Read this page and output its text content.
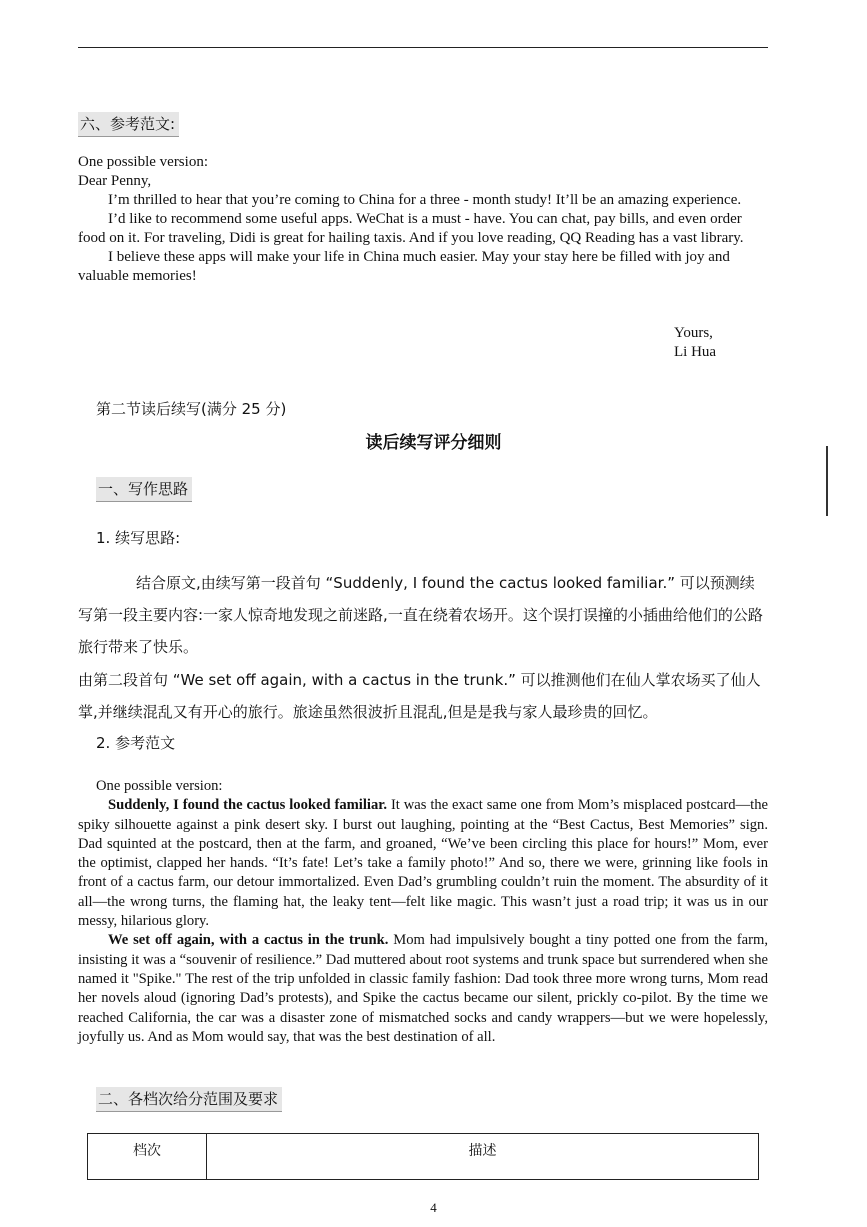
六、参考范文:
One possible version:
Dear Penny,
I’m thrilled to hear that you’re coming to China for a three - month study! It’ll be an amazing experience.
I’d like to recommend some useful apps. WeChat is a must - have. You can chat, pay bills, and even order food on it. For traveling, Didi is great for hailing taxis. And if you love reading, QQ Reading has a vast library.
I believe these apps will make your life in China much easier. May your stay here be filled with joy and valuable memories!
Yours,
Li Hua
第二节读后续写(满分 25 分)
读后续写评分细则
一、写作思路
1. 续写思路:
结合原文,由续写第一段首句 “Suddenly, I found the cactus looked familiar.” 可以预测续写第一段主要内容:一家人惊奇地发现之前迷路,一直在绕着农场开。这个误打误撞的小插曲给他们的公路旅行带来了快乐。
由第二段首句 “We set off again, with a cactus in the trunk.” 可以推测他们在仙人掌农场买了仙人掌,并继续混乱又有开心的旅行。旅途虽然很波折且混乱,但是是我与家人最珍贵的回忆。
2. 参考范文
One possible version:
Suddenly, I found the cactus looked familiar. It was the exact same one from Mom’s misplaced postcard—the spiky silhouette against a pink desert sky. I burst out laughing, pointing at the “Best Cactus, Best Memories” sign. Dad squinted at the postcard, then at the farm, and groaned, “We’ve been circling this place for hours!” Mom, ever the optimist, clapped her hands. “It’s fate! Let’s take a family photo!” And so, there we were, grinning like fools in front of a cactus farm, our detour immortalized. Even Dad’s grumbling couldn’t ruin the moment. The absurdity of it all—the wrong turns, the flaming hat, the leaky tent—felt like magic. This wasn’t just a road trip; it was us in our messy, hilarious glory.
We set off again, with a cactus in the trunk. Mom had impulsively bought a tiny potted one from the farm, insisting it was a “souvenir of resilience.” Dad muttered about root systems and trunk space but surrendered when she named it "Spike." The rest of the trip unfolded in classic family fashion: Dad took three more wrong turns, Mom read her novels aloud (ignoring Dad’s protests), and Spike the cactus became our silent, prickly co-pilot. By the time we reached California, the car was a disaster zone of mismatched socks and candy wrappers—but we were hopelessly, joyfully us. And as Mom would say, that was the best destination of all.
二、各档次给分范围及要求
档次	描述
4
